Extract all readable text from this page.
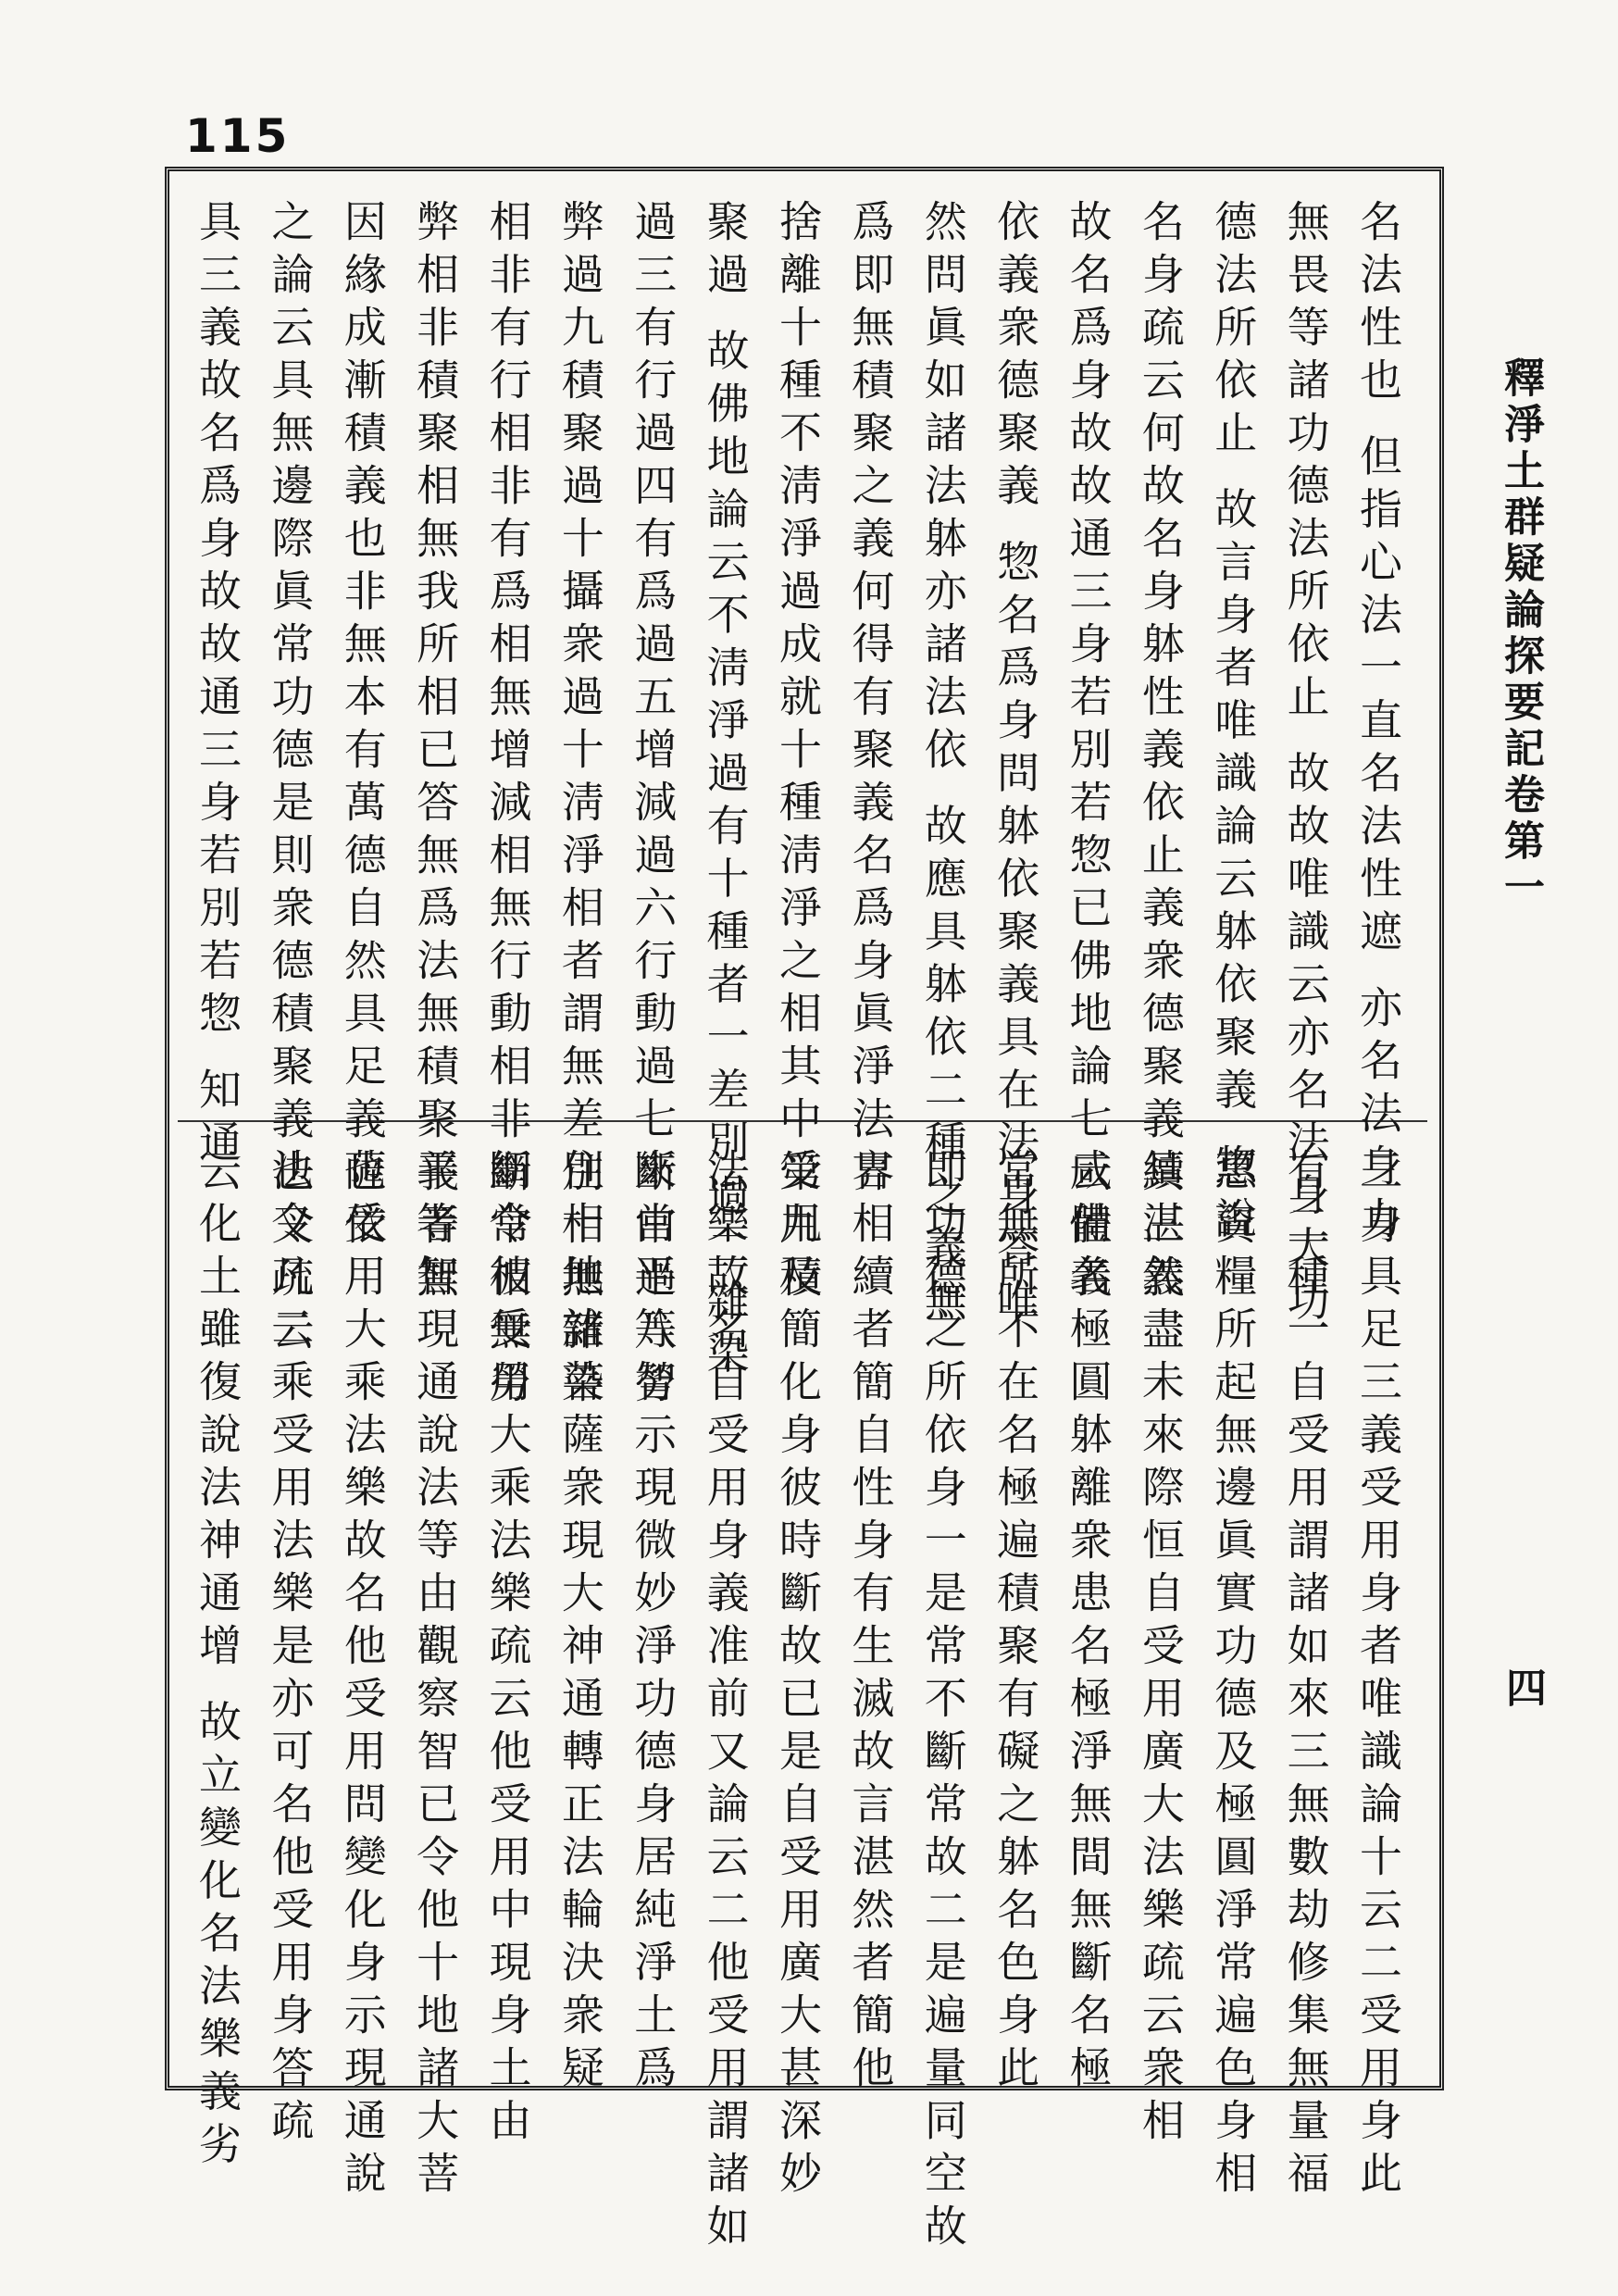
115
釋淨土群疑論探要記卷第一
四
名法性也 但指心法一直名法性遮 亦名法身力
無畏等諸功德法所依止 故故唯識云亦名法身大功
德法所依止 故言身者唯識論云躰依聚義 惣說
名身疏云何故名身躰性義依止義衆德聚義具三義
故名爲身故故通三身若別若惣已佛地論七云體義
依義衆德聚義 惣名爲身問躰依聚義具在法身答唯
然問眞如諸法躰亦諸法依 故應具躰依二種之義無
爲即無積聚之義何得有聚義名爲身眞淨法界
捨離十種不淸淨過成就十種淸淨之相其中第九積
聚過 故佛地論云不淸淨過有十種者一差別過二雜染
過三有行過四有爲過五增減過六行動過七斷常過八勞
弊過九積聚過十攝衆過十淸淨相者謂無差別相無雜染
相非有行相非有爲相無增減相無行動相非斷常相無勞
弊相非積聚相無我所相已答無爲法無積聚義者無
因緣成漸積義也非無本有萬德自然具足義也依
之論云具無邊際眞常功德是則衆德積聚義也又疏云
具三義故名爲身故故通三身若別若惣 知通
三身具足三義受用身者唯識論十云二受用身此
有二種一自受用謂諸如來三無數劫修集無量福
惠資糧所起無邊眞實功德及極圓淨常遍色身相
續湛然盡未來際恒自受用廣大法樂疏云衆相
咸備名極圓躰離衆患名極淨無間無斷名極
常無所不在名極遍積聚有礙之躰名色身此
即功德之所依身一是常不斷常故二是遍量同空故
言相續者簡自性身有生滅故言湛然者簡他
受用及簡化身彼時斷故已是自受用廣大甚深妙
法樂故名自受用身義准前又論云二他受用謂諸如
來由平等智示現微妙淨功德身居純淨土爲
住十地諸菩薩衆現大神通轉正法輪決衆疑
網令彼受用大乘法樂疏云他受用中現身土由
平等智現通說法等由觀察智已令他十地諸大菩
薩受用大乘法樂故名他受用問變化身示現通說
法令凡二乘受用法樂是亦可名他受用身答疏
云化土雖復說法神通增 故立變化名法樂義劣
